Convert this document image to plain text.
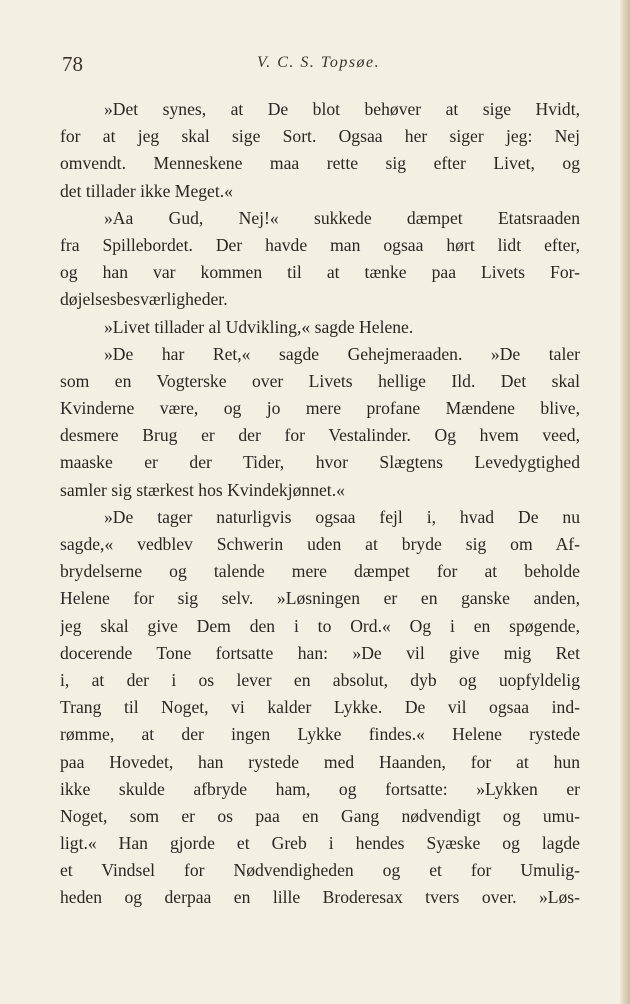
78	V. C. S. Topsøe.
»Det synes, at De blot behøver at sige Hvidt,
for at jeg skal sige Sort. Ogsaa her siger jeg: Nej
omvendt. Menneskene maa rette sig efter Livet, og
det tillader ikke Meget.«
»Aa Gud, Nej!« sukkede dæmpet Etatsraaden
fra Spillebordet. Der havde man ogsaa hørt lidt efter,
og han var kommen til at tænke paa Livets For-
døjelsesbesværligheder.
»Livet tillader al Udvikling,« sagde Helene.
»De har Ret,« sagde Gehejmeraaden. »De taler
som en Vogterske over Livets hellige Ild. Det skal
Kvinderne være, og jo mere profane Mændene blive,
desmere Brug er der for Vestalinder. Og hvem veed,
maaske er der Tider, hvor Slægtens Levedygtighed
samler sig stærkest hos Kvindekjønnet.«
»De tager naturligvis ogsaa fejl i, hvad De nu
sagde,« vedblev Schwerin uden at bryde sig om Af-
brydelserne og talende mere dæmpet for at beholde
Helene for sig selv. »Løsningen er en ganske anden,
jeg skal give Dem den i to Ord.« Og i en spøgende,
docerende Tone fortsatte han: »De vil give mig Ret
i, at der i os lever en absolut, dyb og uopfyldelig
Trang til Noget, vi kalder Lykke. De vil ogsaa ind-
rømme, at der ingen Lykke findes.« Helene rystede
paa Hovedet, han rystede med Haanden, for at hun
ikke skulde afbryde ham, og fortsatte: »Lykken er
Noget, som er os paa en Gang nødvendigt og umu-
ligt.« Han gjorde et Greb i hendes Syæske og lagde
et Vindsel for Nødvendigheden og et for Umulig-
heden og derpaa en lille Broderesax tvers over. »Løs-
